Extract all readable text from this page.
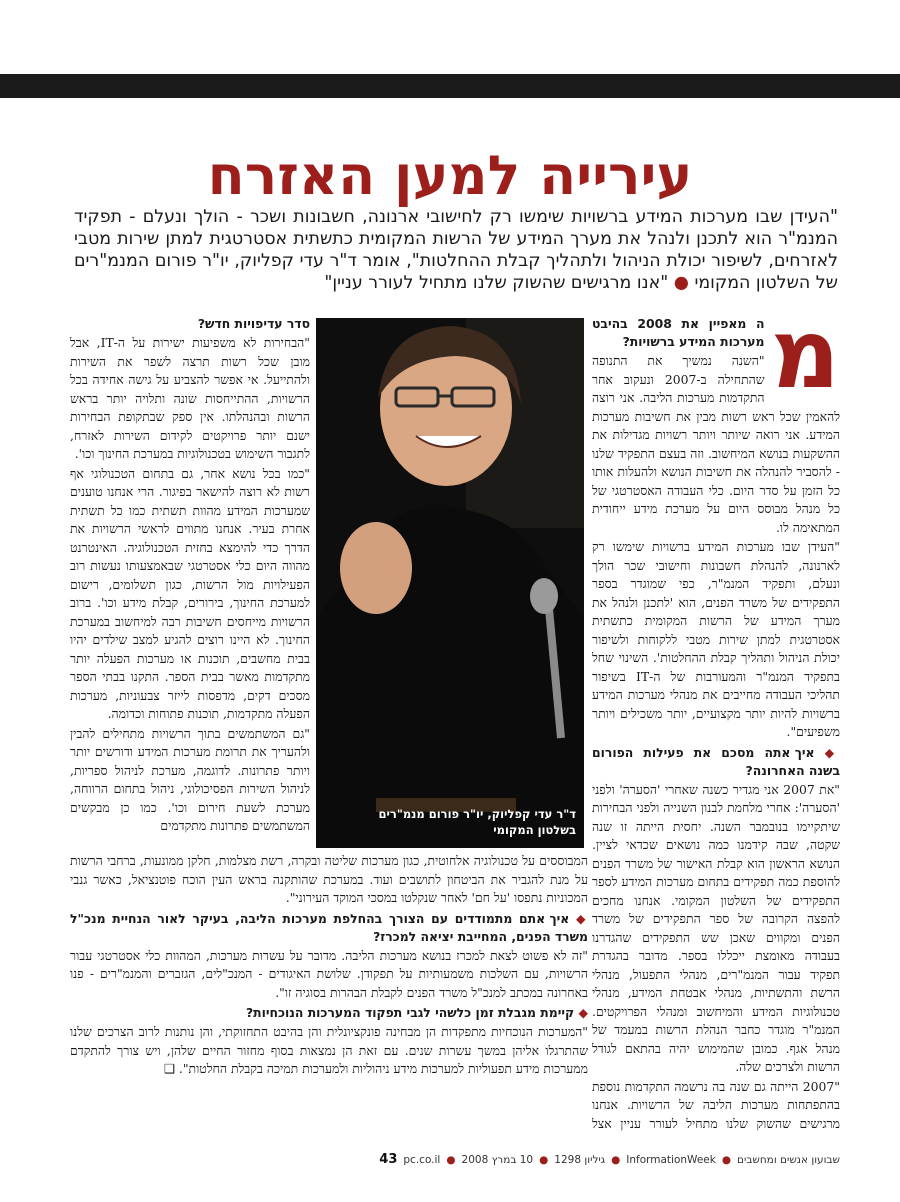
עירייה למען האזרח
"העידן שבו מערכות המידע ברשויות שימשו רק לחישובי ארנונה, חשבונות ושכר - הולך ונעלם - תפקיד המנמ"ר הוא לתכנן ולנהל את מערך המידע של הרשות המקומית כתשתית אסטרטגית למתן שירות מטבי לאזרחים, לשיפור יכולת הניהול ולתהליך קבלת ההחלטות", אומר ד"ר עדי קפליוק, יו"ר פורום המנמ"רים של השלטון המקומי ● "אנו מרגישים שהשוק שלנו מתחיל לעורר עניין"
מ
ה מאפיין את 2008 בהיבט מערכות המידע ברשויות?

"השנה נמשיך את התנופה שהתחילה ב-2007 ונעקוב אחר התקדמות מערכות הליבה. אני רוצה להאמין שכל ראש רשות מבין את חשיבות מערכות המידע. אני רואה שיותר ויותר רשויות מגדילות את ההשקעות בנושא המיחשוב. וזה בעצם התפקיד שלנו - להסביר להנהלה את חשיבות הנושא ולהעלות אותו כל הזמן על סדר היום. כלי העבודה האסטרטגי של כל מנהל מבוסס היום על מערכת מידע ייחודית המתאימה לו.

"העידן שבו מערכות המידע ברשויות שימשו רק לארנונה, להנהלת חשבונות וחישובי שכר הולך ונעלם, ותפקיד המנמ"ר, כפי שמוגדר בספר התפקידים של משרד הפנים, הוא 'לתכנן ולנהל את מערך המידע של הרשות המקומית כתשתית אסטרטגית למתן שירות מטבי ללקוחות ולשיפור יכולת הניהול ותהליך קבלת ההחלטות'. השינוי שחל בתפקיד המנמ"ר והמעורבות של ה-IT בשיפור תהליכי העבודה מחייבים את מנהלי מערכות המידע ברשויות להיות יותר מקצועיים, יותר משכילים ויותר משפיעים".

◆ איך אתה מסכם את פעילות הפורום בשנה האחרונה?

"את 2007 אני מגדיר כשנה שאחרי 'הסערה' ולפני 'הסערה': אחרי מלחמת לבנון השנייה ולפני הבחירות שיתקיימו בנובמבר השנה. יחסית הייתה זו שנה שקטה, שבה קידמנו כמה נושאים שכדאי לציין. הנושא הראשון הוא קבלת האישור של משרד הפנים להוספת כמה תפקידים בתחום מערכות המידע לספר התפקידים של השלטון המקומי. אנחנו מחכים להפצה הקרובה של ספר התפקידים של משרד הפנים ומקווים שאכן שש התפקידים שהגדרנו בעבודה מאומצת ייכללו בספר. מדובר בהגדרת תפקיד עבור המנמ"רים, מנהלי התפעול, מנהלי הרשת והתשתיות, מנהלי אבטחת המידע, מנהלי טכנולוגיות המידע והמיחשוב ומנהלי הפרויקטים. המנמ"ר מוגדר כחבר הנהלת הרשות במעמד של מנהל אגף. כמובן שהמימוש יהיה בהתאם לגודל הרשות ולצרכים שלה.

"2007 הייתה גם שנה בה נרשמה התקדמות נוספת בהתפתחות מערכות הליבה של הרשויות. אנחנו מרגישים שהשוק שלנו מתחיל לעורר עניין אצל

ד"ר עדי קפליוק, יו"ר פורום מנמ"רים בשלטון המקומי
סדר עדיפויות חדש?

"הבחירות לא משפיעות ישירות על ה-IT, אבל מובן שכל רשות תרצה לשפר את השירות ולהתייעל. אי אפשר להצביע על גישה אחידה בכל הרשויות, ההתייחסות שונה ותלויה יותר בראש הרשות ובהנהלתו. אין ספק שבתקופת הבחירות ישנם יותר פרויקטים לקידום השירות לאזרח, לתגבור השימוש בטכנולוגיות במערכת החינוך וכו'.

"כמו בכל נושא אחר, גם בתחום הטכנולוגי אף רשות לא רוצה להישאר בפיגור. הרי אנחנו טוענים שמערכות המידע מהוות תשתית כמו כל תשתית אחרת בעיר. אנחנו מתווים לראשי הרשויות את הדרך כדי להימצא בחזית הטכנולוגיה. האינטרנט מהווה היום כלי אסטרטגי שבאמצעותו נעשות רוב הפעילויות מול הרשות, כגון תשלומים, רישום למערכת החינוך, בירורים, קבלת מידע וכו'. ברוב הרשויות מייחסים חשיבות רבה למיחשוב במערכת החינוך. לא היינו רוצים להגיע למצב שילדים יהיו בבית מחשבים, תוכנות או מערכות הפעלה יותר מתקדמות מאשר בבית הספר. התקנו בבתי הספר מסכים דקים, מדפסות לייזר צבעוניות, מערכות הפעלה מתקדמות, תוכנות פתוחות וכדומה.

"גם המשתמשים בתוך הרשויות מתחילים להבין ולהעריך את תרומת מערכות המידע ודורשים יותר ויותר פתרונות. לדוגמה, מערכת לניהול ספריות, לניהול השירות הפסיכולוגי, ניהול בתחום הרווחה, מערכת לשעת חירום וכו'. כמו כן מבקשים המשתמשים פתרונות מתקדמים

המבוססים על טכנולוגיה אלחוטית, כגון מערכות שליטה ובקרה, רשת מצלמות, חלקן ממונעות, ברחבי הרשות על מנת להגביר את הביטחון לתושבים ועוד. במערכת שהותקנה בראש העין הוכח פוטנציאל, כאשר גנבי המכוניות נתפסו 'על חם' לאחר שנקלטו במסכי המוקד העירוני".

◆ איך אתם מתמודדים עם הצורך בהחלפת מערכות הליבה, בעיקר לאור הנחיית מנכ"ל משרד הפנים, המחייבת יציאה למכרז?

"זה לא פשוט לצאת למכרז בנושא מערכות הליבה. מדובר על עשרות מערכות, המהוות כלי אסטרטגי עבור הרשויות, עם השלכות משמעותיות על תפקודן. שלושת האיגודים - המנכ"לים, הגזברים והמנמ"רים - פנו באחרונה במכתב למנכ"ל משרד הפנים לקבלת הבהרות בסוגיה זו".

◆ קיימת מגבלת זמן כלשהי לגבי תפקוד המערכות הנוכחיות?

"המערכות הנוכחיות מתפקדות הן מבחינה פונקציונלית והן בהיבט התחזוקתי, והן נותנות לרוב הצרכים שלנו שהתרגלו אליהן במשך עשרות שנים. עם זאת הן נמצאות בסוף מחזור החיים שלהן, ויש צורך להתקדם ממערכות מידע תפעוליות למערכות מידע ניהוליות ולמערכות תמיכה בקבלת החלטות". ❑

שבועון אנשים ומחשבים
●
InformationWeek
●
גיליון 1298
●
10 במרץ 2008
●
pc.co.il
43
